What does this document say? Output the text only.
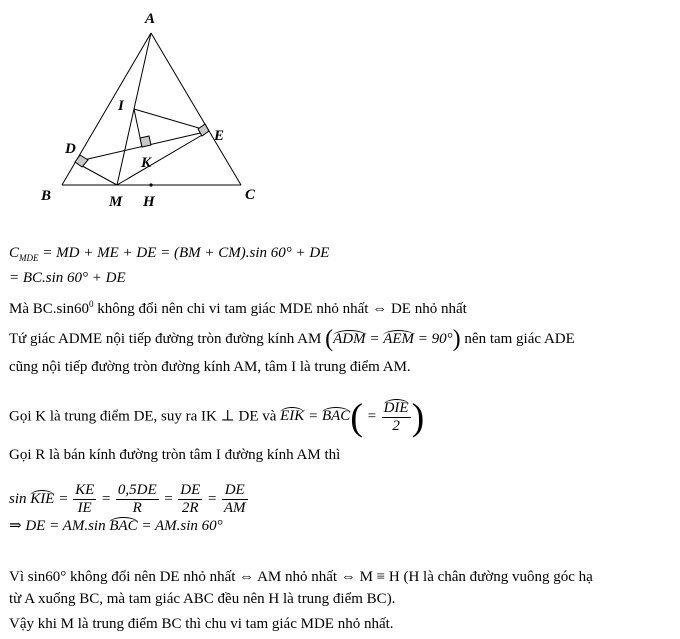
A
B	C
D
E
I
K
M H
$C_{MDE}$ = MD + ME + DE = (BM + CM).sin 60° + DE
= BC.sin 60° + DE
Mà $BC.\sin 60^0$ không đổi nên chi vi tam giác MDE nhỏ nhất ⇔ DE nhỏ nhất
Tứ giác ADME nội tiếp đường tròn đường kính AM (ADM = AEM = 90°) nên tam giác ADE
cũng nội tiếp đường tròn đường kính AM, tâm I là trung điểm AM.
Gọi K là trung điểm DE, suy ra IK ⊥ DE và EIK = $BAC( = \frac{\text{DIE}}{2}$ )
Gọi R là bán kính đường tròn tâm I đường kính AM thì
sin KIE = $\frac{KE}{IE} = \frac{0,5DE}{R} = \frac{DE}{2R} = \frac{DE}{AM}$
⇒ DE = AM.sin BAC = AM.sin 60°
Vì sin60° không đổi nên DE nhỏ nhất ⇔ AM nhỏ nhất ⇔ M ≡ H (H là chân đường vuông góc hạ
từ A xuống BC, mà tam giác ABC đều nên H là trung điểm BC).
Vậy khi M là trung điểm BC thì chu vi tam giác MDE nhỏ nhất.
